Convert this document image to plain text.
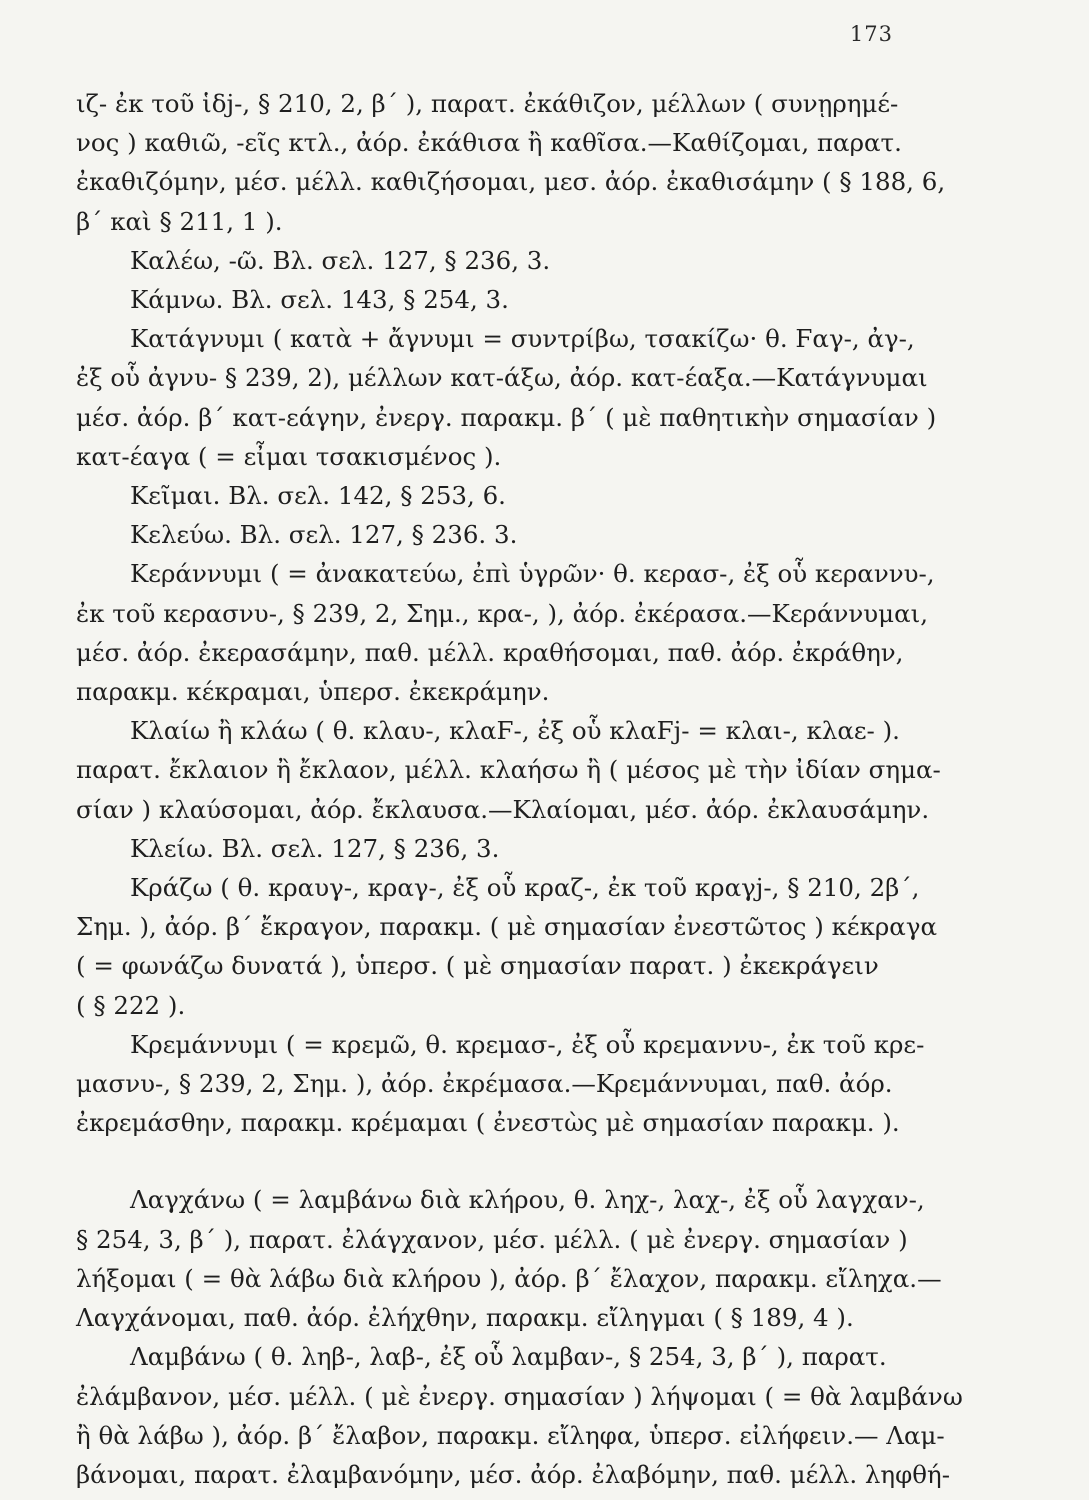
173

ιζ- ἐκ τοῦ ἱδj-, § 210, 2, β΄ ), παρατ. ἐκάθιζον, μέλλων ( συνῃρημέ-
νος ) καθιῶ, -εῖς κτλ., ἀόρ. ἐκάθισα ἢ καθῖσα.—Καθίζομαι, παρατ.
ἐκαθιζόμην, μέσ. μέλλ. καθιζήσομαι, μεσ. ἀόρ. ἐκαθισάμην ( § 188, 6,
β΄ καὶ § 211, 1 ).

Καλέω, -ῶ. Βλ. σελ. 127, § 236, 3.

Κάμνω. Βλ. σελ. 143, § 254, 3.

Κατάγνυμι ( κατὰ + ἄγνυμι = συντρίβω, τσακίζω· θ. Ϝαγ-, ἀγ-,
ἐξ οὗ ἀγνυ- § 239, 2), μέλλων κατ-άξω, ἀόρ. κατ-έαξα.—Κατάγνυμαι
μέσ. ἀόρ. β΄ κατ-εάγην, ἐνεργ. παρακμ. β΄ ( μὲ παθητικὴν σημασίαν )
κατ-έαγα ( = εἶμαι τσακισμένος ).

Κεῖμαι. Βλ. σελ. 142, § 253, 6.

Κελεύω. Βλ. σελ. 127, § 236. 3.

Κεράννυμι ( = ἀνακατεύω, ἐπὶ ὑγρῶν· θ. κερασ-, ἐξ οὗ κεραννυ-,
ἐκ τοῦ κερασνυ-, § 239, 2, Σημ., κρα-, ), ἀόρ. ἐκέρασα.—Κεράννυμαι,
μέσ. ἀόρ. ἐκερασάμην, παθ. μέλλ. κραθήσομαι, παθ. ἀόρ. ἐκράθην,
παρακμ. κέκραμαι, ὑπερσ. ἐκεκράμην.

Κλαίω ἢ κλάω ( θ. κλαυ-, κλαϜ-, ἐξ οὗ κλαϜj- = κλαι-, κλαε- ).
παρατ. ἔκλαιον ἢ ἔκλαον, μέλλ. κλαήσω ἢ ( μέσος μὲ τὴν ἰδίαν σημα-
σίαν ) κλαύσομαι, ἀόρ. ἔκλαυσα.—Κλαίομαι, μέσ. ἀόρ. ἐκλαυσάμην.

Κλείω. Βλ. σελ. 127, § 236, 3.

Κράζω ( θ. κραυγ-, κραγ-, ἐξ οὗ κραζ-, ἐκ τοῦ κραγj-, § 210, 2β΄,
Σημ. ), ἀόρ. β΄ ἔκραγον, παρακμ. ( μὲ σημασίαν ἐνεστῶτος ) κέκραγα
( = φωνάζω δυνατά ), ὑπερσ. ( μὲ σημασίαν παρατ. ) ἐκεκράγειν
( § 222 ).

Κρεμάννυμι ( = κρεμῶ, θ. κρεμασ-, ἐξ οὗ κρεμαννυ-, ἐκ τοῦ κρε-
μασνυ-, § 239, 2, Σημ. ), ἀόρ. ἐκρέμασα.—Κρεμάννυμαι, παθ. ἀόρ.
ἐκρεμάσθην, παρακμ. κρέμαμαι ( ἐνεστὼς μὲ σημασίαν παρακμ. ).

Λαγχάνω ( = λαμβάνω διὰ κλήρου, θ. ληχ-, λαχ-, ἐξ οὗ λαγχαν-,
§ 254, 3, β΄ ), παρατ. ἐλάγχανον, μέσ. μέλλ. ( μὲ ἐνεργ. σημασίαν )
λήξομαι ( = θὰ λάβω διὰ κλήρου ), ἀόρ. β΄ ἔλαχον, παρακμ. εἴληχα.—
Λαγχάνομαι, παθ. ἀόρ. ἐλήχθην, παρακμ. εἴληγμαι ( § 189, 4 ).

Λαμβάνω ( θ. ληβ-, λαβ-, ἐξ οὗ λαμβαν-, § 254, 3, β΄ ), παρατ.
ἐλάμβανον, μέσ. μέλλ. ( μὲ ἐνεργ. σημασίαν ) λήψομαι ( = θὰ λαμβάνω
ἢ θὰ λάβω ), ἀόρ. β΄ ἔλαβον, παρακμ. εἴληφα, ὑπερσ. εἰλήφειν.— Λαμ-
βάνομαι, παρατ. ἐλαμβανόμην, μέσ. ἀόρ. ἐλαβόμην, παθ. μέλλ. ληφθή-
